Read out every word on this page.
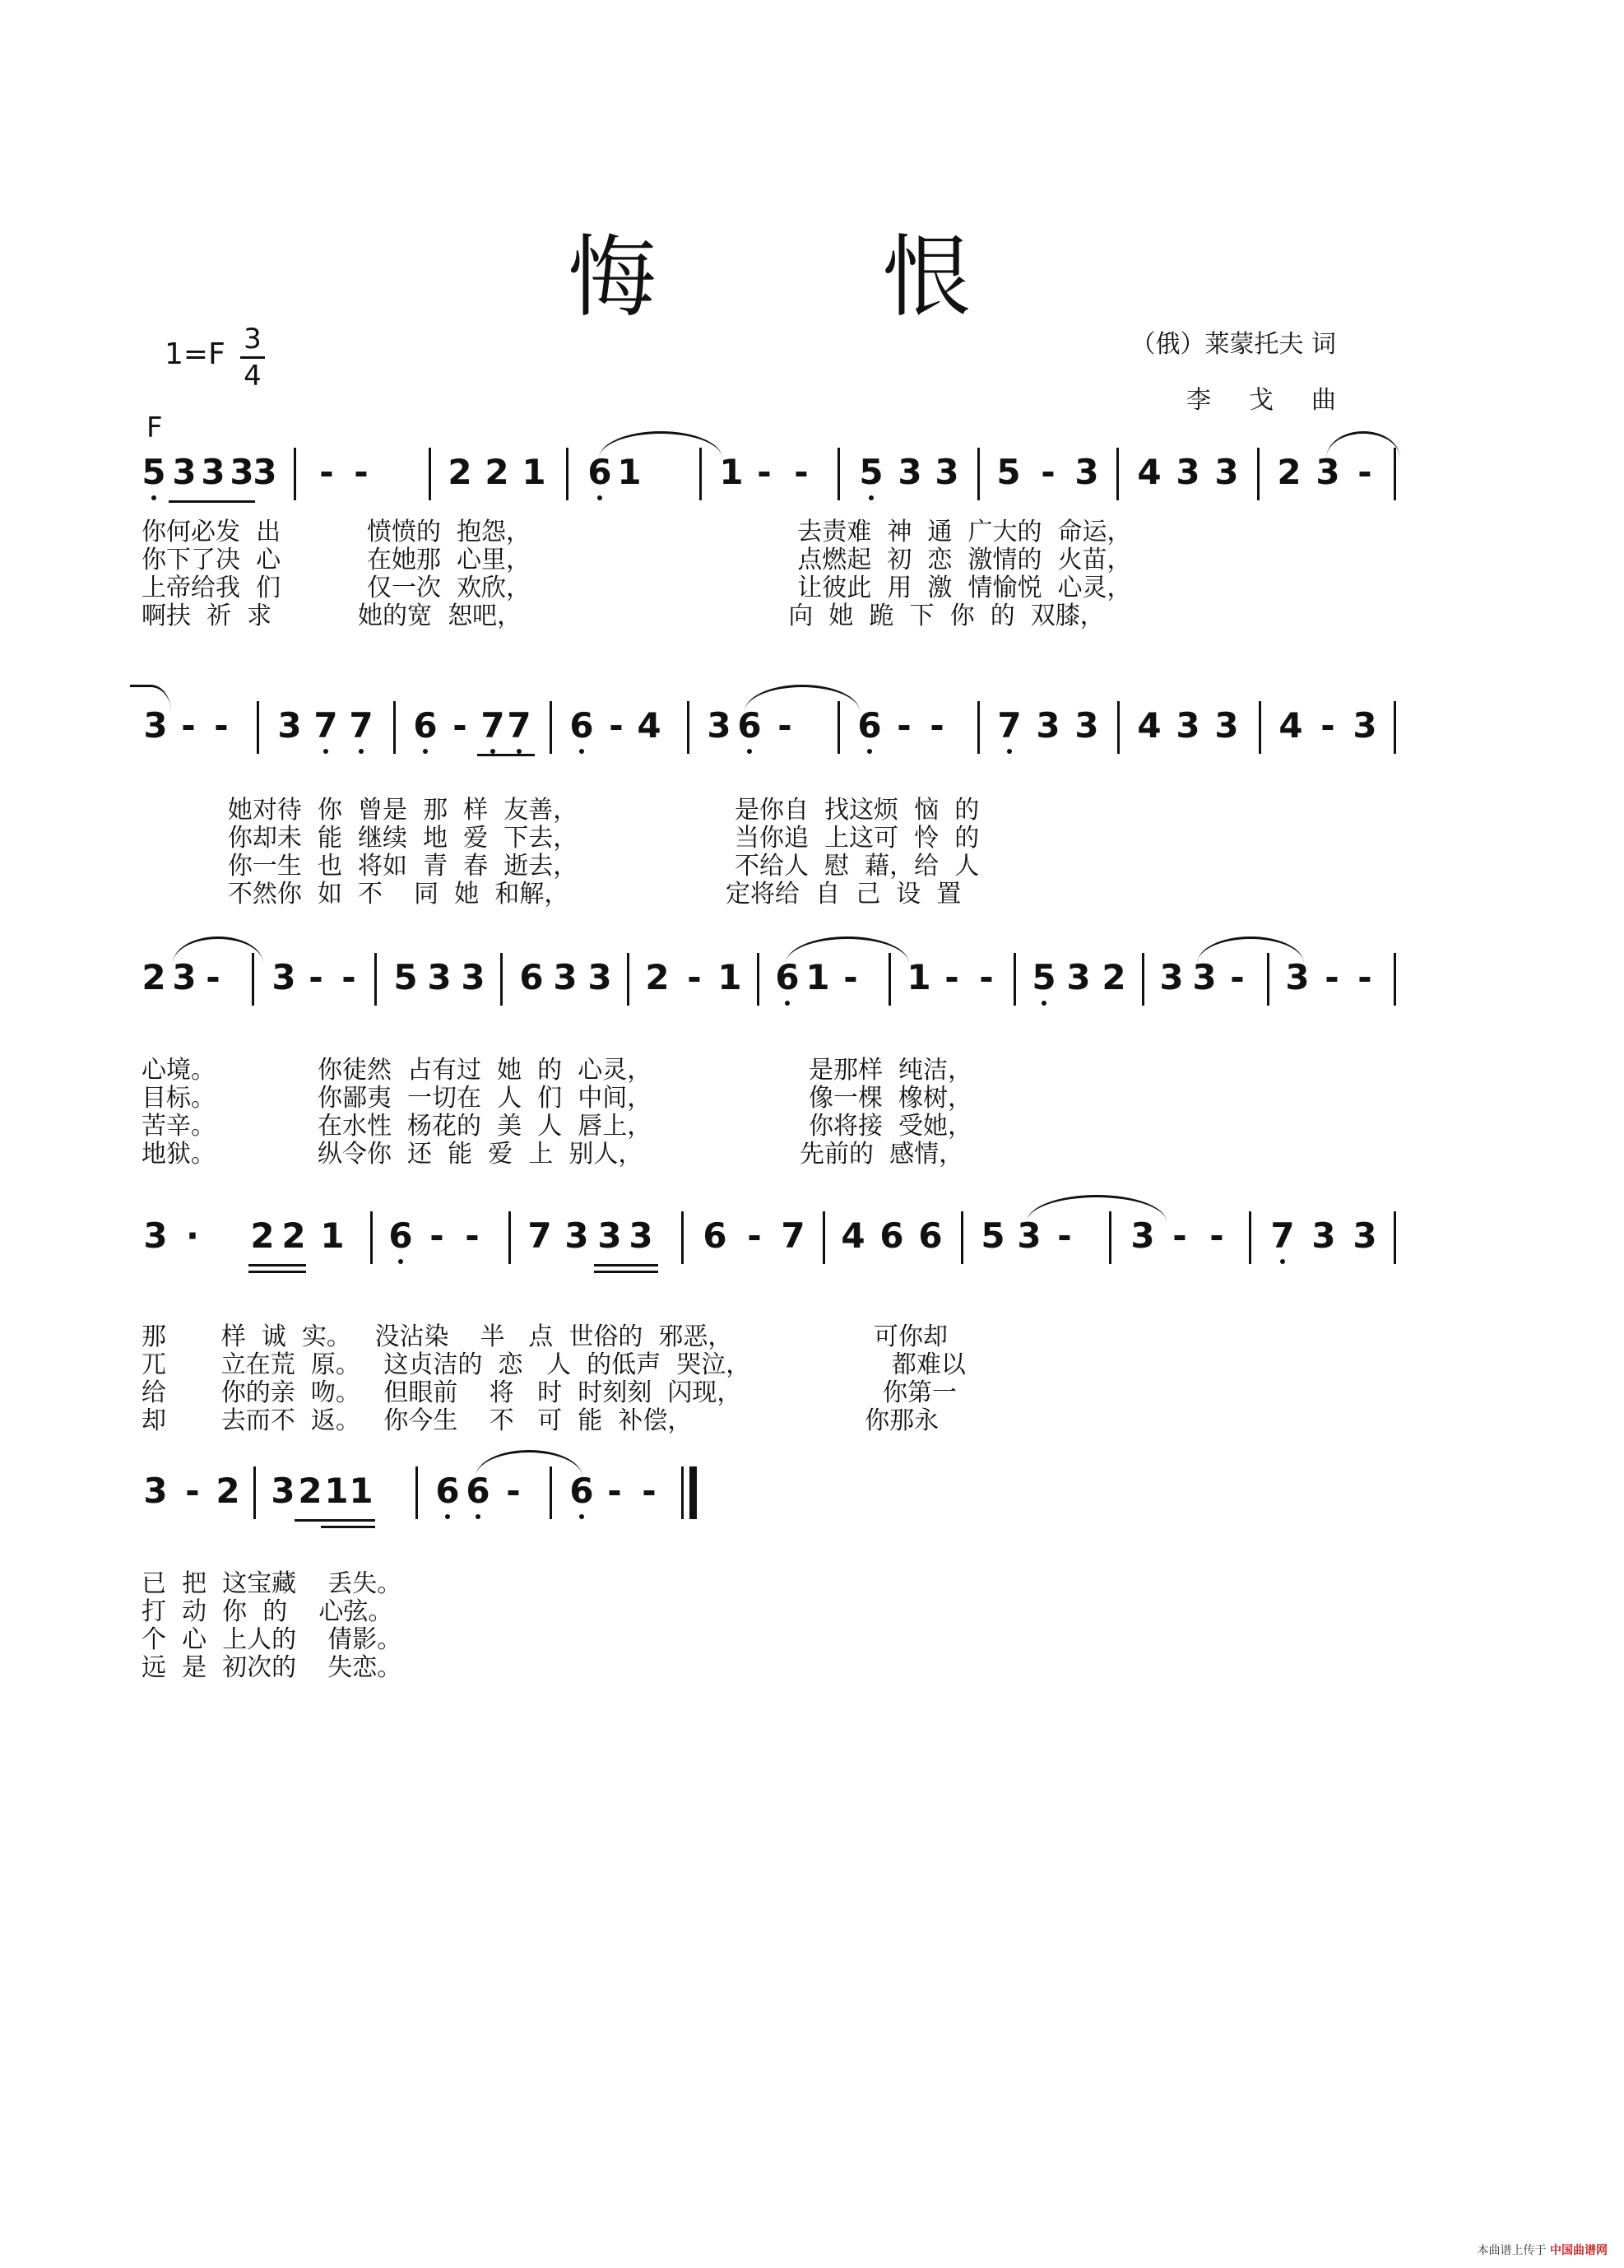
悔 恨
（俄）莱蒙托夫 词
李戈曲
1=F 3
4
F
5 3 3 3
3 - - 2 2 1 6 1 1 - - 5 3 3 5 - 3 4 3 3 2 3 -
你何必发  出           愤愤的  抱怨，                                  去责难  神  通  广大的  命运，
你下了决  心           在她那  心里，                                  点燃起  初  恋  激情的  火苗，
上帝给我  们           仅一次  欢欣，                                  让彼此  用  激  情愉悦  心灵，
啊扶  祈  求           她的宽  恕吧，                                  向  她  跪  下  你  的  双膝，
3 - - 3 7 7 6 - 7 7 6 - 4 3 6 - 6 - - 7 3 3 4 3 3 4 - 3
她对待  你  曾是  那  样  友善，                    是你自  找这烦  恼  的
你却未  能  继续  地  爱  下去，                    当你追  上这可  怜  的
你一生  也  将如  青  春  逝去，                    不给人  慰  藉，给  人
不然你  如  不    同  她  和解，                    定将给  自  己  设  置
2 3 - 3 - - 5 3 3 6 3 3 2 - 1 6 1 - 1 - - 5 3 2 3 3 - 3 - -
心境。             你徒然  占有过  她  的  心灵，                    是那样  纯洁，
目标。             你鄙夷  一切在  人  们  中间，                    像一棵  橡树，
苦辛。             在水性  杨花的  美  人  唇上，                    你将接  受她，
地狱。             纵令你  还  能  爱  上  别人，                    先前的  感情，
3 · 2 2 1 6 - - 7 3 3 3 6 - 7 4 6 6 5 3 - 3 - - 7 3 3
那       样  诚  实。   没沾染    半   点  世俗的  邪恶，                  可你却
兀       立在荒  原。   这贞洁的  恋   人  的低声  哭泣，                  都难以
给       你的亲  吻。   但眼前    将   时  时刻刻  闪现，                  你第一
却       去而不  返。   你今生    不   可  能  补偿，                      你那永
3 - 2 3 2 1 1 6 6 - 6 - -
已  把  这宝藏    丢失。
打  动  你  的    心弦。
个  心  上人的    倩影。
远  是  初次的    失恋。
本曲谱上传于 中国曲谱网
